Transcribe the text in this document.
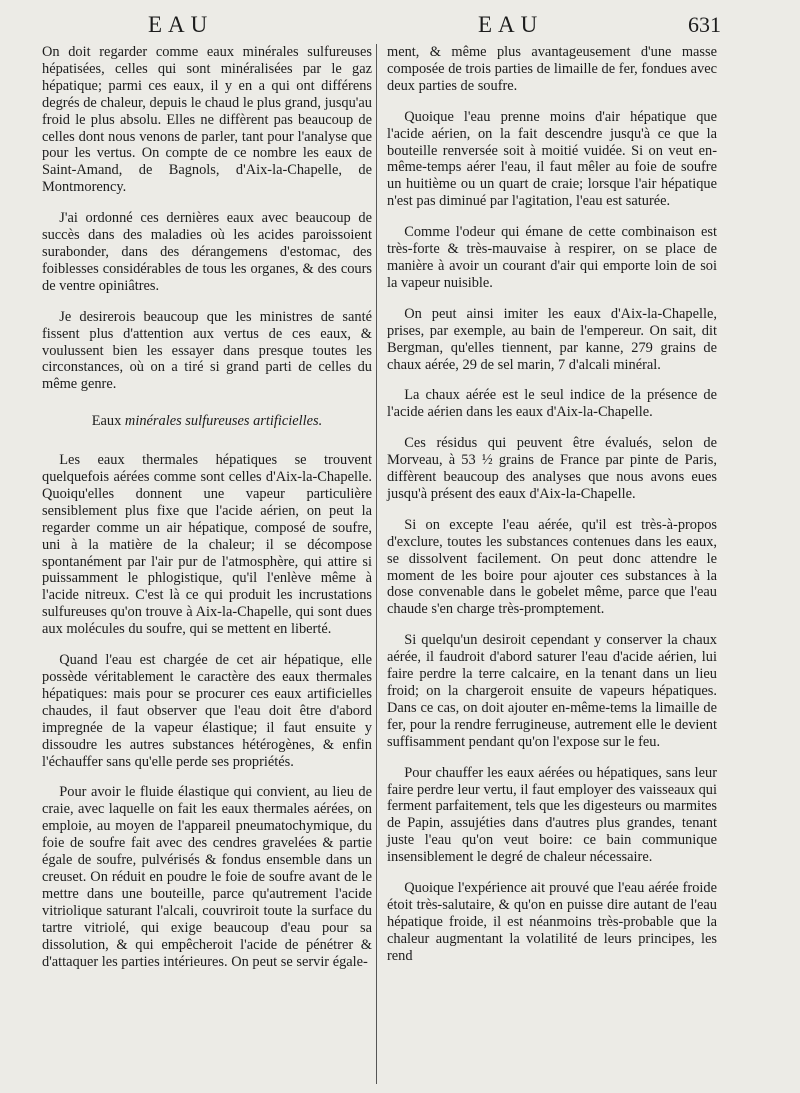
EAU	EAU	631

On doit regarder comme eaux minérales sulfureuses hépatisées, celles qui sont minéralisées par le gaz hépatique; parmi ces eaux, il y en a qui ont différens degrés de chaleur, depuis le chaud le plus grand, jusqu'au froid le plus absolu. Elles ne diffèrent pas beaucoup de celles dont nous venons de parler, tant pour l'analyse que pour les vertus. On compte de ce nombre les eaux de Saint-Amand, de Bagnols, d'Aix-la-Chapelle, de Montmorency.

J'ai ordonné ces dernières eaux avec beaucoup de succès dans des maladies où les acides paroissoient surabonder, dans des dérangemens d'estomac, des foiblesses considérables de tous les organes, & des cours de ventre opiniâtres.

Je desirerois beaucoup que les ministres de santé fissent plus d'attention aux vertus de ces eaux, & voulussent bien les essayer dans presque toutes les circonstances, où on a tiré si grand parti de celles du même genre.

Eaux minérales sulfureuses artificielles.

Les eaux thermales hépatiques se trouvent quelquefois aérées comme sont celles d'Aix-la-Chapelle. Quoiqu'elles donnent une vapeur particulière sensiblement plus fixe que l'acide aérien, on peut la regarder comme un air hépatique, composé de soufre, uni à la matière de la chaleur; il se décompose spontanément par l'air pur de l'atmosphère, qui attire si puissamment le phlogistique, qu'il l'enlève même à l'acide nitreux. C'est là ce qui produit les incrustations sulfureuses qu'on trouve à Aix-la-Chapelle, qui sont dues aux molécules du soufre, qui se mettent en liberté.

Quand l'eau est chargée de cet air hépatique, elle possède véritablement le caractère des eaux thermales hépatiques: mais pour se procurer ces eaux artificielles chaudes, il faut observer que l'eau doit être d'abord impregnée de la vapeur élastique; il faut ensuite y dissoudre les autres substances hétérogènes, & enfin l'échauffer sans qu'elle perde ses propriétés.

Pour avoir le fluide élastique qui convient, au lieu de craie, avec laquelle on fait les eaux thermales aérées, on emploie, au moyen de l'appareil pneumatochymique, du foie de soufre fait avec des cendres gravelées & partie égale de soufre, pulvérisés & fondus ensemble dans un creuset. On réduit en poudre le foie de soufre avant de le mettre dans une bouteille, parce qu'autrement l'acide vitriolique saturant l'alcali, couvriroit toute la surface du tartre vitriolé, qui exige beaucoup d'eau pour sa dissolution, & qui empêcheroit l'acide de pénétrer & d'attaquer les parties intérieures. On peut se servir égale-

ment, & même plus avantageusement d'une masse composée de trois parties de limaille de fer, fondues avec deux parties de soufre.

Quoique l'eau prenne moins d'air hépatique que l'acide aérien, on la fait descendre jusqu'à ce que la bouteille renversée soit à moitié vuidée. Si on veut en-même-temps aérer l'eau, il faut mêler au foie de soufre un huitième ou un quart de craie; lorsque l'air hépatique n'est pas diminué par l'agitation, l'eau est saturée.

Comme l'odeur qui émane de cette combinaison est très-forte & très-mauvaise à respirer, on se place de manière à avoir un courant d'air qui emporte loin de soi la vapeur nuisible.

On peut ainsi imiter les eaux d'Aix-la-Chapelle, prises, par exemple, au bain de l'empereur. On sait, dit Bergman, qu'elles tiennent, par kanne, 279 grains de chaux aérée, 29 de sel marin, 7 d'alcali minéral.

La chaux aérée est le seul indice de la présence de l'acide aérien dans les eaux d'Aix-la-Chapelle.

Ces résidus qui peuvent être évalués, selon de Morveau, à 53 ½ grains de France par pinte de Paris, diffèrent beaucoup des analyses que nous avons eues jusqu'à présent des eaux d'Aix-la-Chapelle.

Si on excepte l'eau aérée, qu'il est très-à-propos d'exclure, toutes les substances contenues dans les eaux, se dissolvent facilement. On peut donc attendre le moment de les boire pour ajouter ces substances à la dose convenable dans le gobelet même, parce que l'eau chaude s'en charge très-promptement.

Si quelqu'un desiroit cependant y conserver la chaux aérée, il faudroit d'abord saturer l'eau d'acide aérien, lui faire perdre la terre calcaire, en la tenant dans un lieu froid; on la chargeroit ensuite de vapeurs hépatiques. Dans ce cas, on doit ajouter en-même-tems la limaille de fer, pour la rendre ferrugineuse, autrement elle le devient suffisamment pendant qu'on l'expose sur le feu.

Pour chauffer les eaux aérées ou hépatiques, sans leur faire perdre leur vertu, il faut employer des vaisseaux qui ferment parfaitement, tels que les digesteurs ou marmites de Papin, assujéties dans d'autres plus grandes, tenant juste l'eau qu'on veut boire: ce bain communique insensiblement le degré de chaleur nécessaire.

Quoique l'expérience ait prouvé que l'eau aérée froide étoit très-salutaire, & qu'on en puisse dire autant de l'eau hépatique froide, il est néanmoins très-probable que la chaleur augmentant la volatilité de leurs principes, les rend
